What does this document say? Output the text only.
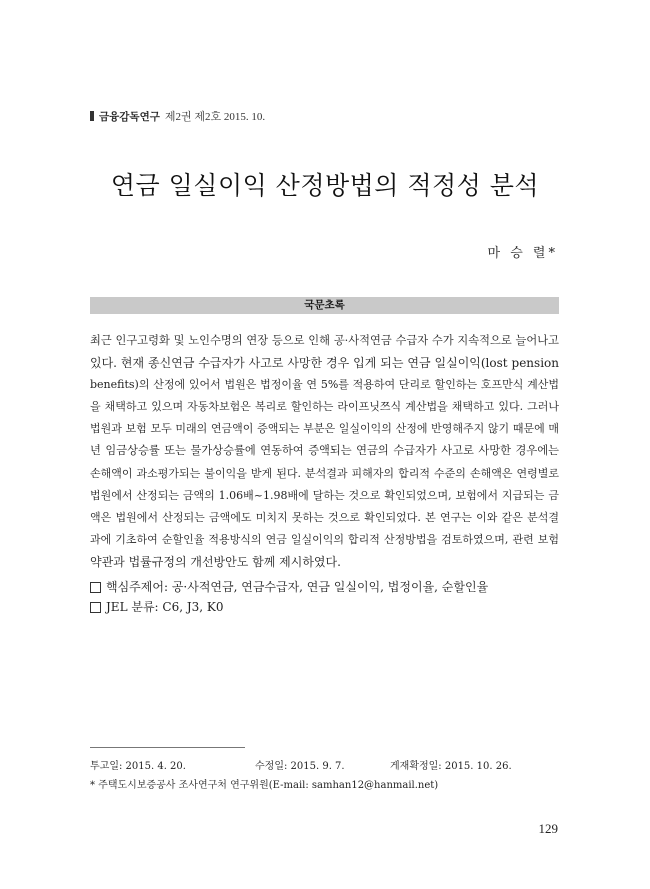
금융감독연구 제2권 제2호 2015. 10.
연금 일실이익 산정방법의 적정성 분석
마 승 렬*
국문초록
최근 인구고령화 및 노인수명의 연장 등으로 인해 공·사적연금 수급자 수가 지속적으로 늘어나고
있다. 현재 종신연금 수급자가 사고로 사망한 경우 입게 되는 연금 일실이익(lost pension
benefits)의 산정에 있어서 법원은 법정이율 연 5%를 적용하여 단리로 할인하는 호프만식 계산법
을 채택하고 있으며 자동차보험은 복리로 할인하는 라이프닛쯔식 계산법을 채택하고 있다. 그러나
법원과 보험 모두 미래의 연금액이 증액되는 부분은 일실이익의 산정에 반영해주지 않기 때문에 매
년 임금상승률 또는 물가상승률에 연동하여 증액되는 연금의 수급자가 사고로 사망한 경우에는
손해액이 과소평가되는 불이익을 받게 된다. 분석결과 피해자의 합리적 수준의 손해액은 연령별로
법원에서 산정되는 금액의 1.06배~1.98배에 달하는 것으로 확인되었으며, 보험에서 지급되는 금
액은 법원에서 산정되는 금액에도 미치지 못하는 것으로 확인되었다. 본 연구는 이와 같은 분석결
과에 기초하여 순할인율 적용방식의 연금 일실이익의 합리적 산정방법을 검토하였으며, 관련 보험
약관과 법률규정의 개선방안도 함께 제시하였다.
핵심주제어: 공·사적연금, 연금수급자, 연금 일실이익, 법정이율, 순할인율
JEL 분류: C6, J3, K0
투고일: 2015. 4. 20.	수정일: 2015. 9. 7.	게재확정일: 2015. 10. 26.
* 주택도시보증공사 조사연구처 연구위원(E-mail: samhan12@hanmail.net)
129
